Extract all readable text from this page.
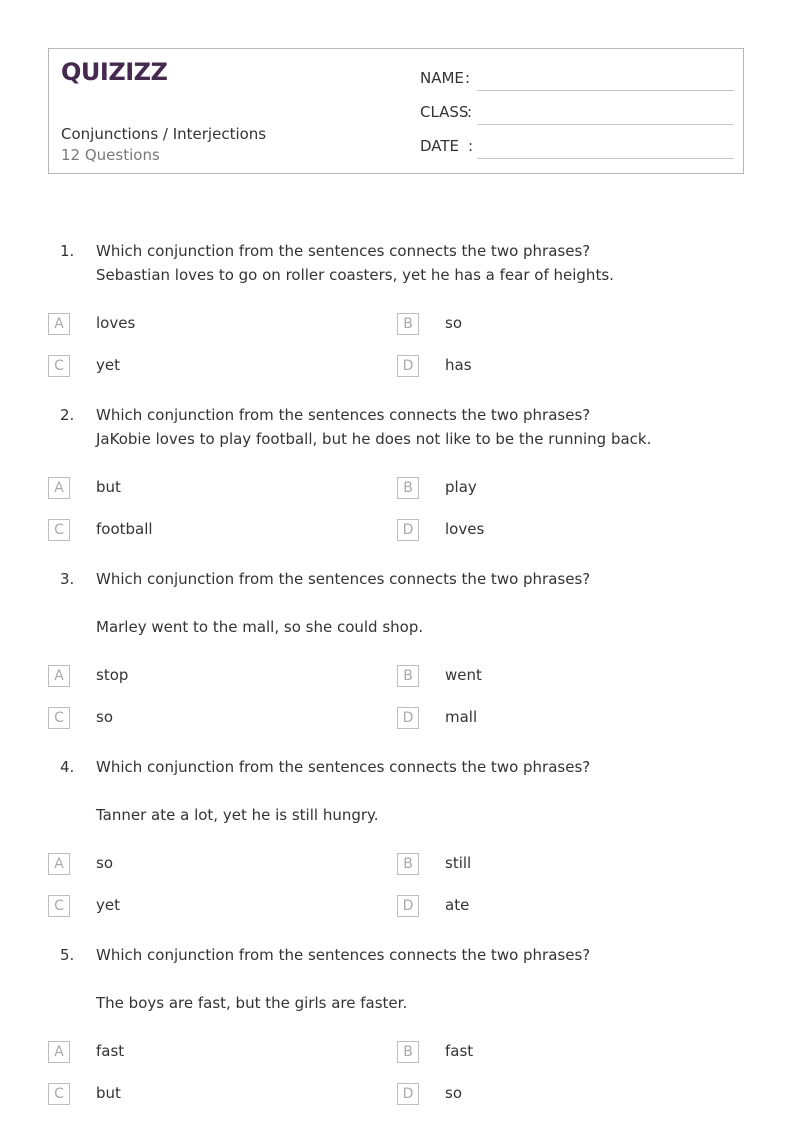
QUIZIZZ
Conjunctions / Interjections
12 Questions
NAME :
CLASS
:
DATE :
1. Which conjunction from the sentences connects the two phrases?
Sebastian loves to go on roller coasters, yet he has a fear of heights.
A	loves	B	so
C	yet	D	has
2. Which conjunction from the sentences connects the two phrases?
JaKobie loves to play football, but he does not like to be the running back.
A	but	B	play
C	football	D	loves
3. Which conjunction from the sentences connects the two phrases?
Marley went to the mall, so she could shop.
A	stop	B	went
C	so	D	mall
4. Which conjunction from the sentences connects the two phrases?
Tanner ate a lot, yet he is still hungry.
A	so	B	still
C	yet	D	ate
5. Which conjunction from the sentences connects the two phrases?
The boys are fast, but the girls are faster.
A	fast	B	fast
C	but	D	so
